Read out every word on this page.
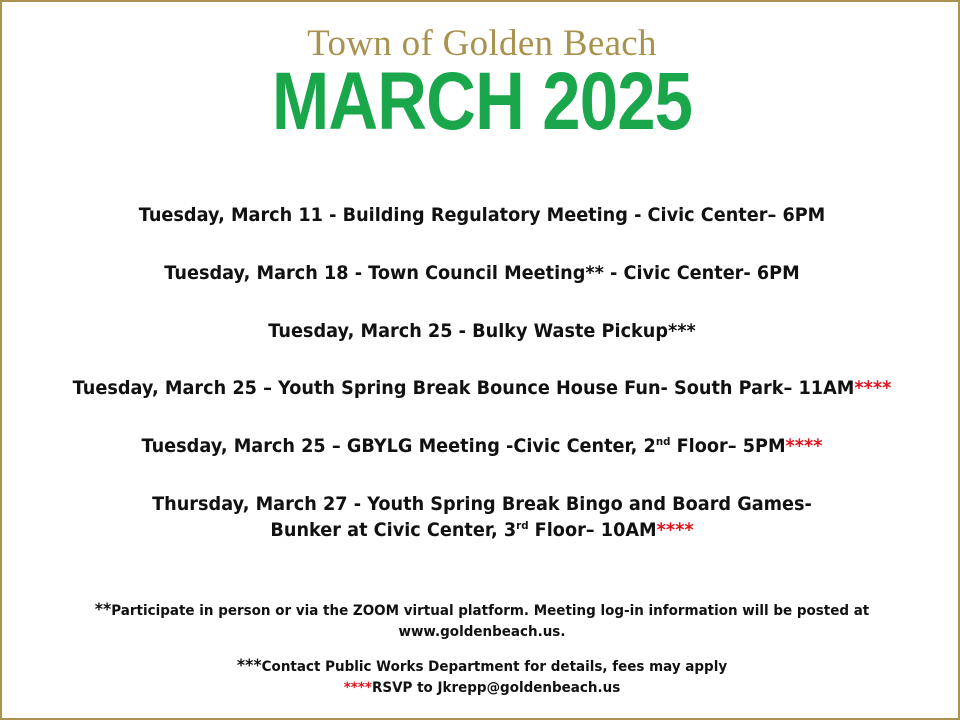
Town of Golden Beach
MARCH 2025
Tuesday, March 11 - Building Regulatory Meeting - Civic Center– 6PM
Tuesday, March 18 - Town Council Meeting** - Civic Center- 6PM
Tuesday, March 25 - Bulky Waste Pickup***
Tuesday, March 25 – Youth Spring Break Bounce House Fun- South Park– 11AM****
Tuesday, March 25 – GBYLG Meeting -Civic Center, 2nd Floor– 5PM****
Thursday, March 27 - Youth Spring Break Bingo and Board Games-
Bunker at Civic Center, 3rd Floor– 10AM****
**Participate in person or via the ZOOM virtual platform. Meeting log-in information will be posted at
www.goldenbeach.us.
***Contact Public Works Department for details, fees may apply
****RSVP to Jkrepp@goldenbeach.us
